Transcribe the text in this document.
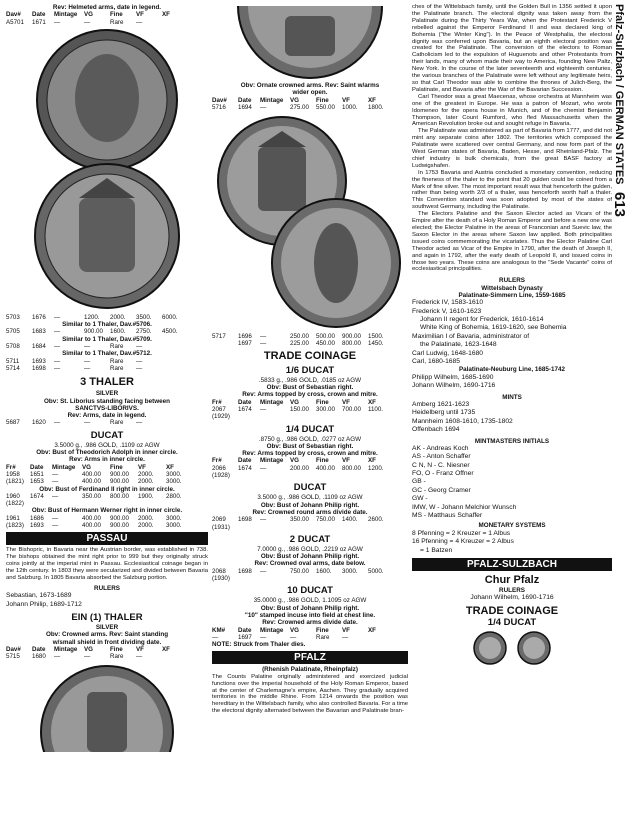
Pfalz-Sulzbach / GERMAN STATES 613
Rev: Helmeted arms, date in legend.
Dav#	Date	Mintage	VG	Fine	VF	XF
A5701	1671	—	—	Rare	—
5703	1676	—	1200.	2000.	3500.	6000.
Similar to 1 Thaler, Dav.#5706.
5705	1683	—	900.00	1600.	2750.	4500.
Similar to 1 Thaler, Dav.#5709.
5708	1684	—	—	Rare	—
Similar to 1 Thaler, Dav.#5712.
5711	1693	—	—	Rare	—
5714	1698	—	—	Rare	—
3 THALER
SILVER
Obv: St. Liborius standing facing between
SANCTVS-LIBORIVS.
Rev: Arms, date in legend.
5687	1620	—	—	Rare	—
DUCAT
3.5000 g., .986 GOLD, .1109 oz AGW
Obv: Bust of Theodorich Adolph in inner circle.
Rev: Arms in inner circle.
Fr#	Date	Mintage	VG	Fine	VF	XF
1958	1651	—	400.00	900.00	2000.	3000.
(1821) 1653	—	400.00	900.00	2000.	3000.
Obv: Bust of Ferdinand II right in inner circle.
1960	1674	—	350.00	800.00	1900.	2800.
(1822)
Obv: Bust of Hermann Werner right in inner circle.
1961	1686	—	400.00	900.00	2000.	3000.
(1823) 1693	—	400.00	900.00	2000.	3000.
PASSAU
The Bishopric, in Bavaria near the Austrian border, was established in 738. The bishops obtained the mint right prior to 999 but they originally struck coins jointly at the imperial mint in Passau. Ecclesiastical coinage began in the 12th century. In 1803 they were secularized and divided between Bavaria and Salzburg. In 1805 Bavaria absorbed the Salzburg portion.
RULERS
Sebastian, 1673-1689
Johann Philip, 1689-1712
EIN (1) THALER
SILVER
Obv: Crowned arms. Rev: Saint standing
w/small shield in front dividing date.
Dav#	Date	Mintage	VG	Fine	VF	XF
5715	1680	—	—	Rare	—
Obv: Ornate crowned arms. Rev: Saint w/arms
wider open.
Dav#	Date	Mintage	VG	Fine	VF	XF
5716	1694	—	275.00	550.00	1000.	1800.
5717	1696	—	250.00	500.00	900.00	1500.
1697	—	225.00	450.00	800.00	1450.
TRADE COINAGE
1/6 DUCAT
.5833 g., .986 GOLD, .0185 oz AGW
Obv: Bust of Sebastian right.
Rev: Arms topped by cross, crown and mitre.
Fr#	Date	Mintage	VG	Fine	VF	XF
2067	1674	—	150.00	300.00	700.00	1100.
(1929)
1/4 DUCAT
.8750 g., .986 GOLD, .0277 oz AGW
Obv: Bust of Sebastian right.
Rev: Arms topped by cross, crown and mitre.
Fr#	Date	Mintage	VG	Fine	VF	XF
2066	1674	—	200.00	400.00	800.00	1200.
(1928)
DUCAT
3.5000 g., .986 GOLD, .1109 oz AGW
Obv: Bust of Johann Philip right.
Rev: Crowned round arms divide date.
2069	1698	—	350.00	750.00	1400.	2600.
(1931)
2 DUCAT
7.0000 g., .986 GOLD, .2219 oz AGW
Obv: Bust of Johann Philip right.
Rev: Crowned oval arms, date below.
2068	1698	—	750.00	1600.	3000.	5000.
(1930)
10 DUCAT
35.0000 g., .986 GOLD, 1.1095 oz AGW
Obv: Bust of Johann Philip right.
"10" stamped incuse into field at chest line.
Rev: Crowned arms divide date.
KM#	Date	Mintage	VG	Fine	VF	XF
—	1697	—	—	Rare	—
NOTE: Struck from Thaler dies.
PFALZ
(Rhenish Palatinate, Rheinpfalz)
The Counts Palatine originally administered and exercized judicial functions over the imperial household of the Holy Roman Emperor, based at the center of Charlemagne's empire, Aachen. They gradually acquired territories in the middle Rhine. From 1214 onwards the position was hereditary in the Wittelsbach family, who also controlled Bavaria. For a time the electoral dignity alternated between the Bavarian and Palatinate bran-
ches of the Wittelsbach family, until the Golden Bull in 1356 settled it upon the Palatinate branch. The electoral dignity was taken away from the Palatinate during the Thirty Years War, when the Protestant Frederick V rebelled against the Emperor Ferdinand II and was declared king of Bohemia ("the Winter King"). In the Peace of Westphalia, the electoral dignity was conferred upon Bavaria, but an eighth electoral position was created for the Palatinate. The conversion of the electors to Roman Catholicism led to the expulsion of Huguenots and other Protestants from their lands, many of whom made their way to America, founding New Paltz, New York. In the course of the later seventeenth and eighteenth centuries, the various branches of the Palatinate were left without any legitimate heirs, so that Carl Theodor was able to combine the thrones of Julich-Berg, the Palatinate, and Bavaria after the War of the Bavarian Succession.
Carl Theodor was a great Maecenas, whose orchestra at Mannheim was one of the greatest in Europe. He was a patron of Mozart, who wrote Idomeneo for the opera house in Munich, and of the chemist Benjamin Thompson, later Count Rumford, who fled Massachusetts when the American Revolution broke out and sought refuge in Bavaria.
The Palatinate was administered as part of Bavaria from 1777, and did not mint any separate coins after 1802. The territories which composed the Palatinate were scattered over central Germany, and now form part of the West German states of Bavaria, Baden, Hesse, and Rheinland-Pfalz. The chief industry is bulk chemicals, from the great BASF factory at Ludwigshafen.
In 1753 Bavaria and Austria concluded a monetary convention, reducing the fineness of the thaler to the point that 20 gulden could be coined from a Mark of fine silver. The most important result was that henceforth the gulden, rather than being worth 2/3 of a thaler, was henceforth worth half a thaler. This Convention standard was soon adopted by most of the states of southwest Germany, including the Palatinate.
The Electors Palatine and the Saxon Elector acted as Vicars of the Empire after the death of a Holy Roman Emperor and before a new one was elected; the Elector Palatine in the areas of Franconian and Suevic law, the Saxon Elector in the areas where Saxon law applied. Both principalities issued coins commemorating the vicariates. Thus the Elector Palatine Carl Theodor acted as Vicar of the Empire in 1790, after the death of Joseph II, and again in 1792, after the early death of Leopold II, and issued coins in those two years. These coins are analogous to the "Sede Vacante" coins of ecclesiastical principalities.
RULERS
Wittelsbach Dynasty
Palatinate-Simmern Line, 1559-1685
Frederick IV, 1583-1610
Frederick V, 1610-1623
Johann II regent for Frederick, 1610-1614
White King of Bohemia, 1619-1620, see Bohemia
Maximilian I of Bavaria, administrator of
the Palatinate, 1623-1648
Carl Ludwig, 1648-1680
Carl, 1680-1685
Palatinate-Neuburg Line, 1685-1742
Philipp Wilhelm, 1685-1690
Johann Wilhelm, 1690-1716
MINTS
Amberg 1621-1623
Heidelberg until 1735
Mannheim 1608-1610, 1735-1802
Offenbach 1694
MINTMASTERS INITIALS
AK - Andreas Koch
AS - Anton Schaffer
C N, N - C. Niesner
FO, O - Franz Offner
GB -
GC - Georg Cramer
GW -
IMW, W - Johann Melchior Wunsch
MS - Matthaus Schaffer
MONETARY SYSTEMS
8 Pfenning = 2 Kreuzer = 1 Albus
16 Pfenning = 4 Kreuzer = 2 Albus
= 1 Batzen
PFALZ-SULZBACH
Chur Pfalz
RULERS
Johann Wilhelm, 1690-1716
TRADE COINAGE
1/4 DUCAT
